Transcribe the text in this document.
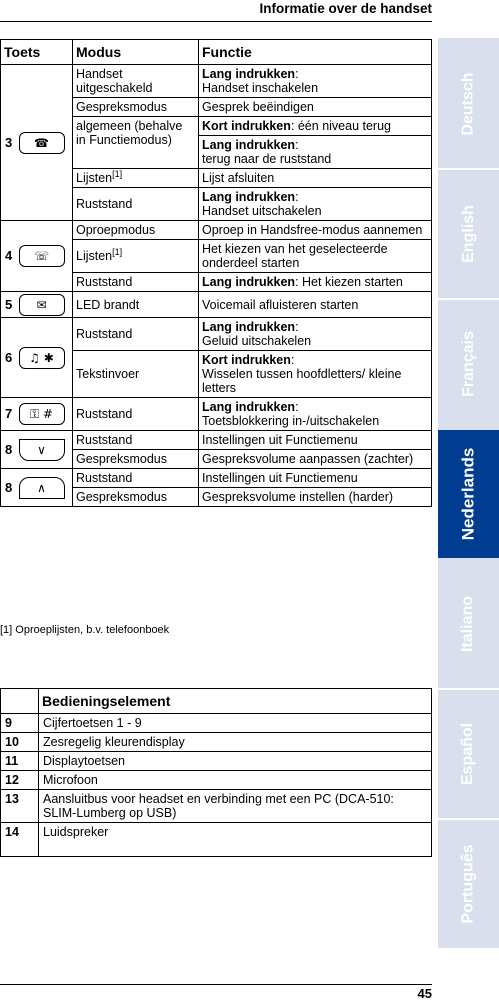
Informatie over de handset
Toets		Modus	Functie
3	☎	Handset uitgeschakeld	Lang indrukken:
Handset inschakelen
		Gespreksmodus	Gesprek beëindigen
		algemeen (behalve in Functiemodus)	Kort indrukken: één niveau terug
			Lang indrukken:
terug naar de ruststand
		Lijsten[1]	Lijst afsluiten
		Ruststand	Lang indrukken:
Handset uitschakelen
4	☏	Oproepmodus	Oproep in Handsfree-modus aannemen
		Lijsten[1]	Het kiezen van het geselecteerde onderdeel starten
		Ruststand	Lang indrukken: Het kiezen starten
5	✉	LED brandt	Voicemail afluisteren starten
6	♫ ✱	Ruststand	Lang indrukken:
Geluid uitschakelen
		Tekstinvoer	Kort indrukken:
Wisselen tussen hoofdletters/ kleine letters
7	⚿ #	Ruststand	Lang indrukken:
Toetsblokkering in-/uitschakelen
8	∨	Ruststand	Instellingen uit Functiemenu
		Gespreksmodus	Gespreksvolume aanpassen (zachter)
8	∧	Ruststand	Instellingen uit Functiemenu
		Gespreksmodus	Gespreksvolume instellen (harder)
[1] Oproeplijsten, b.v. telefoonboek
	Bedieningselement
9	Cijfertoetsen 1 - 9
10	Zesregelig kleurendisplay
11	Displaytoetsen
12	Microfoon
13	Aansluitbus voor headset en verbinding met een PC (DCA-510: SLIM-Lumberg op USB)
14	Luidspreker
Deutsch
English
Français
Nederlands
Italiano
Español
Português
45
